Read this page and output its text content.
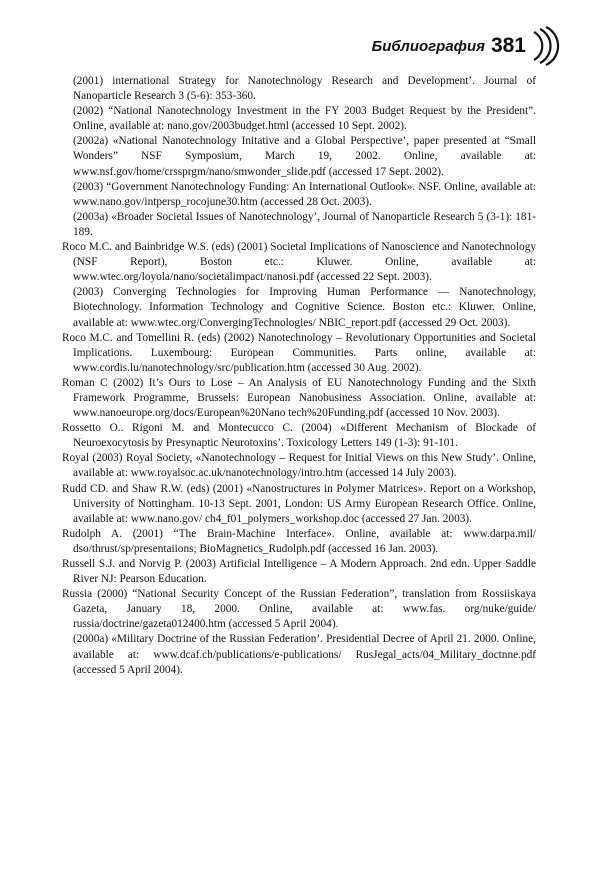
Библиография 381

(2001) international Strategy for Nanotechnology Research and Development’. Journal of Nanoparticle Research 3 (5-6): 353-360.

(2002) “National Nanotechnology Investment in the FY 2003 Budget Request by the President”. Online, available at: nano.gov/2003budget.html (accessed 10 Sept. 2002).

(2002a) «National Nanotechnology Initative and a Global Perspective’, paper presented at “Small Wonders” NSF Symposium, March 19, 2002. Online, available at: www.nsf.gov/home/crssprgm/nano/smwonder_slide.pdf (accessed 17 Sept. 2002).

(2003) “Government Nanotechnology Funding: An International Outlook». NSF. Online, available at: www.nano.gov/intpersp_rocojune30.htm (accessed 28 Oct. 2003).

(2003a) «Broader Societal Issues of Nanotechnology’, Journal of Nanoparticle Research 5 (3-1): 181-189.

Roco M.C. and Bainbridge W.S. (eds) (2001) Societal Implications of Nanoscience and Nanotechnology (NSF Report), Boston etc.: Kluwer. Online, available at: www.wtec.org/loyola/nano/societalimpact/nanosi.pdf (accessed 22 Sept. 2003).

(2003) Converging Technologies for Improving Human Performance — Nanotechnology, Biotechnology. Information Technology and Cognitive Science. Boston etc.: Kluwer. Online, available at: www.wtec.org/ConvergingTechnologies/ NBIC_report.pdf (accessed 29 Oct. 2003).

Roco M.C. and Tomellini R. (eds) (2002) Nanotechnology – Revolutionary Opportunities and Societal Implications. Luxembourg: European Communities. Parts online, available at: www.cordis.lu/nanotechnology/src/publication.htm (accessed 30 Aug. 2002).

Roman C (2002) It’s Ours to Lose – An Analysis of EU Nanotechnology Funding and the Sixth Framework Programme, Brussels: European Nanobusiness Association. Online, available at: www.nanoeurope.org/docs/European%20Nano tech%20Funding.pdf (accessed 10 Nov. 2003).

Rossetto O.. Rigoni M. and Montecucco C. (2004) «Different Mechanism of Blockade of Neuroexocytosis by Presynaptic Neurotoxins’. Toxicology Letters 149 (1-3): 91-101.

Royal (2003) Royal Society, «Nanotechnology – Request for Initial Views on this New Study’. Online, available at: www.royalsoc.ac.uk/nanotechnology/intro.htm (accessed 14 July 2003).

Rudd CD. and Shaw R.W. (eds) (2001) «Nanostructures in Polymer Matrices». Report on a Workshop, University of Nottingham. 10-13 Sept. 2001, London: US Army European Research Office. Online, available at: www.nano.gov/ ch4_f01_polymers_workshop.doc (accessed 27 Jan. 2003).

Rudolph A. (2001) “The Brain-Machine Interface». Online, available at: www.darpa.mil/ dso/thrust/sp/presentaiions; BioMagnetics_Rudolph.pdf (accessed 16 Jan. 2003).

Russell S.J. and Norvig P. (2003) Artificial Intelligence – A Modern Approach. 2nd edn. Upper Saddle River NJ: Pearson Education.

Russia (2000) “National Security Concept of the Russian Federation”, translation from Rossiiskaya Gazeta, January 18, 2000. Online, available at: www.fas. org/nuke/guide/ russia/doctrine/gazeta012400.htm (accessed 5 April 2004).

(2000a) «Military Doctrine of the Russian Federation’. Presidential Decree of April 21. 2000. Online, available at: www.dcaf.ch/publications/e-publications/ RusJegal_acts/04_Military_doctnne.pdf (accessed 5 April 2004).
